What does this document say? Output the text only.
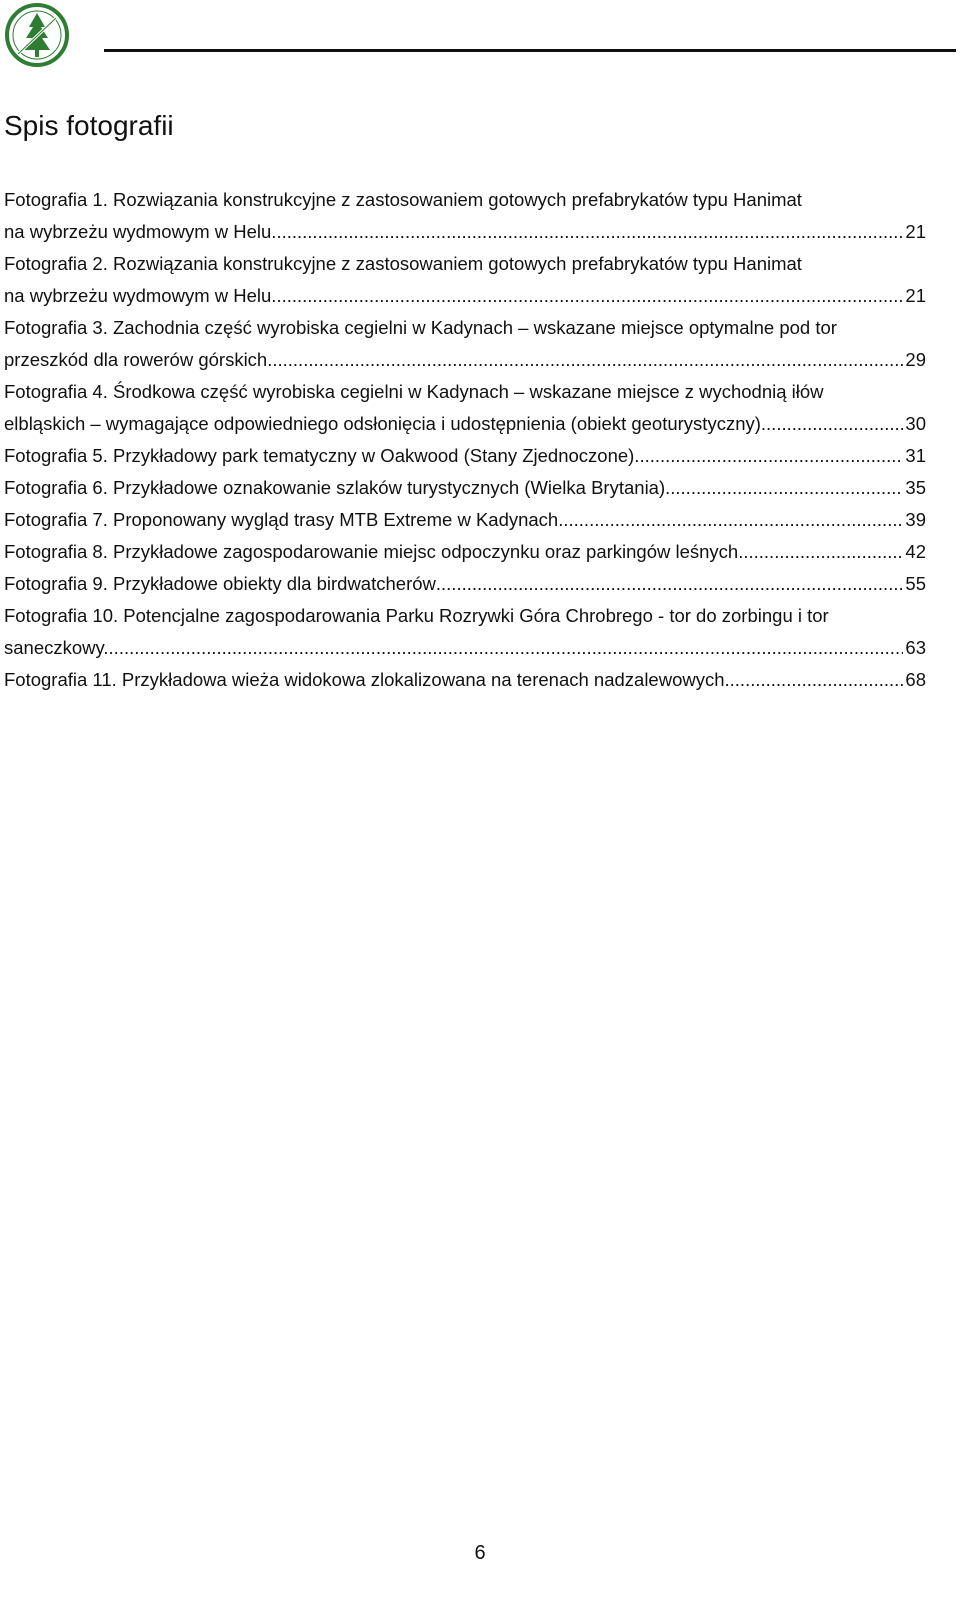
Spis fotografii
Fotografia 1. Rozwiązania konstrukcyjne z zastosowaniem gotowych prefabrykatów typu Hanimat
na wybrzeżu wydmowym w Helu. .....	21
Fotografia 2. Rozwiązania konstrukcyjne z zastosowaniem gotowych prefabrykatów typu Hanimat
na wybrzeżu wydmowym w Helu. .....	21
Fotografia 3. Zachodnia część wyrobiska cegielni w Kadynach – wskazane miejsce optymalne pod tor
przeszkód dla rowerów górskich. .....	29
Fotografia 4. Środkowa część wyrobiska cegielni w Kadynach – wskazane miejsce z wychodnią iłów
elbląskich – wymagające odpowiedniego odsłonięcia i udostępnienia (obiekt geoturystyczny). .....	30
Fotografia 5. Przykładowy park tematyczny w Oakwood (Stany Zjednoczone). .....	31
Fotografia 6. Przykładowe oznakowanie szlaków turystycznych (Wielka Brytania). .....	35
Fotografia 7. Proponowany wygląd trasy MTB Extreme w Kadynach. .....	39
Fotografia 8. Przykładowe zagospodarowanie miejsc odpoczynku oraz parkingów leśnych. .....	42
Fotografia 9. Przykładowe obiekty dla birdwatcherów .....	55
Fotografia 10. Potencjalne zagospodarowania Parku Rozrywki Góra Chrobrego - tor do zorbingu i tor
saneczkowy. .....	63
Fotografia 11. Przykładowa wieża widokowa zlokalizowana na terenach nadzalewowych. .....	68
6
